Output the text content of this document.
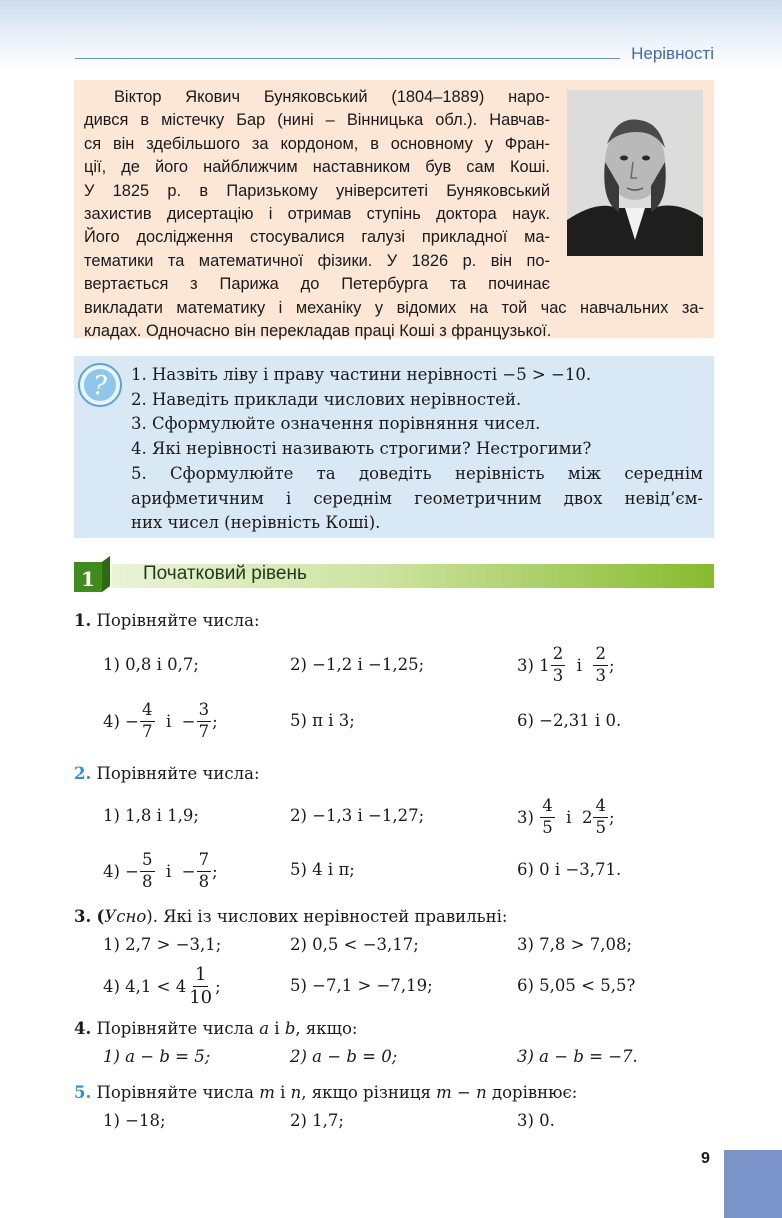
Нерівності
Віктор Якович Буняковський (1804–1889) наро-
дився в містечку Бар (нині – Вінницька обл.). Навчав-
ся він здебільшого за кордоном, в основному у Фран-
ції, де його найближчим наставником був сам Коші.
У 1825 р. в Паризькому університеті Буняковський
захистив дисертацію і отримав ступінь доктора наук.
Його дослідження стосувалися галузі прикладної ма-
тематики та математичної фізики. У 1826 р. він по-
вертається з Парижа до Петербурга та починає
викладати математику і механіку у відомих на той час навчальних за-
кладах. Одночасно він перекладав праці Коші з французької.
? 1. Назвіть ліву і праву частини нерівності −5 > −10.
2. Наведіть приклади числових нерівностей.
3. Сформулюйте означення порівняння чисел.
4. Які нерівності називають строгими? Нестрогими?
5. Сформулюйте та доведіть нерівність між середнім
арифметичним і середнім геометричним двох невід’єм-
них чисел (нерівність Коші).
1	Початковий рівень
1. Порівняйте числа:
1) 0,8 і 0,7;	2) −1,2 і −1,25;	3) $1 \frac{2}{3}$ і $\frac{2}{3}$ ;
$4) - \frac{4}{7}$ $і - \frac{3}{7}$ ;	5) π і 3;	6) −2,31 і 0.
2. Порівняйте числа:
1) 1,8 і 1,9;	2) −1,3 і −1,27;	$3) \frac{4}{5}$ і  $2 \frac{4}{5}$ ;
$4) - \frac{5}{8}$ $і - \frac{7}{8}$ ;	5) 4 і π;	6) 0 і −3,71.
3. (Усно). Які із числових нерівностей правильні:
1) 2,7 > −3,1;	2) 0,5 < −3,17;	3) 7,8 > 7,08;
4) $4,1 < 4 \frac{1}{10}$ ;	5) −7,1 > −7,19;	6) 5,05 < 5,5?
4. Порівняйте числа a і b, якщо:
1) a − b = 5;	2) a − b = 0;	3) a − b = −7.
5. Порівняйте числа m і n, якщо різниця m − n дорівнює:
1) −18;	2) 1,7;	3) 0.
9
